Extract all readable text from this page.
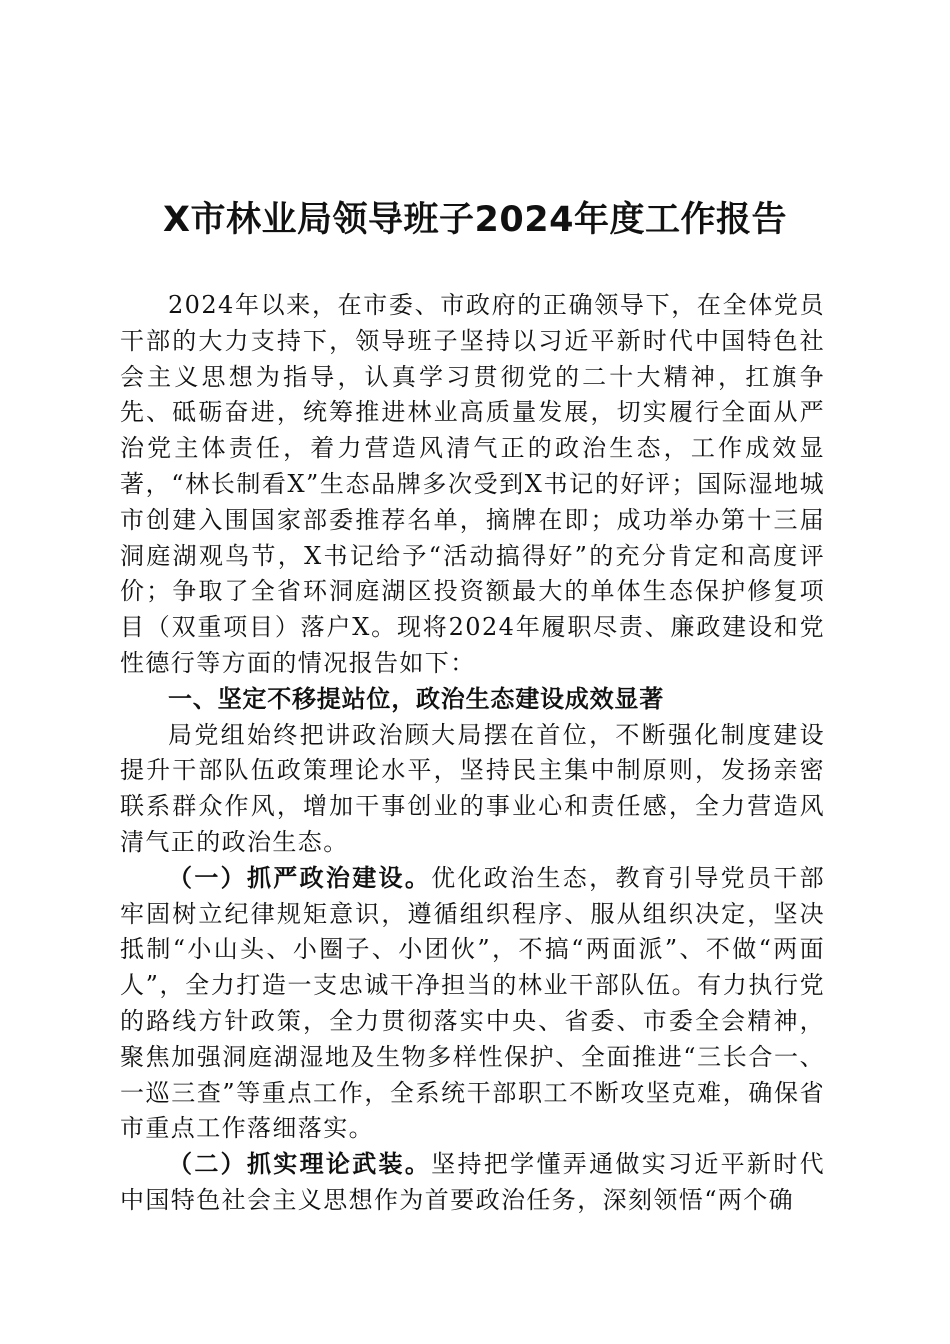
X市林业局领导班子2024年度工作报告

2024年以来，在市委、市政府的正确领导下，在全体党员干部的大力支持下，领导班子坚持以习近平新时代中国特色社会主义思想为指导，认真学习贯彻党的二十大精神，扛旗争先、砥砺奋进，统筹推进林业高质量发展，切实履行全面从严治党主体责任，着力营造风清气正的政治生态，工作成效显著，“林长制看X”生态品牌多次受到X书记的好评；国际湿地城市创建入围国家部委推荐名单，摘牌在即；成功举办第十三届洞庭湖观鸟节，X书记给予“活动搞得好”的充分肯定和高度评价；争取了全省环洞庭湖区投资额最大的单体生态保护修复项目（双重项目）落户X。现将2024年履职尽责、廉政建设和党性德行等方面的情况报告如下：

一、坚定不移提站位，政治生态建设成效显著

局党组始终把讲政治顾大局摆在首位，不断强化制度建设提升干部队伍政策理论水平，坚持民主集中制原则，发扬亲密联系群众作风，增加干事创业的事业心和责任感，全力营造风清气正的政治生态。

（一）抓严政治建设。优化政治生态，教育引导党员干部牢固树立纪律规矩意识，遵循组织程序、服从组织决定，坚决抵制“小山头、小圈子、小团伙”，不搞“两面派”、不做“两面人”，全力打造一支忠诚干净担当的林业干部队伍。有力执行党的路线方针政策，全力贯彻落实中央、省委、市委全会精神，聚焦加强洞庭湖湿地及生物多样性保护、全面推进“三长合一、一巡三查”等重点工作，全系统干部职工不断攻坚克难，确保省市重点工作落细落实。

（二）抓实理论武装。坚持把学懂弄通做实习近平新时代中国特色社会主义思想作为首要政治任务，深刻领悟“两个确
